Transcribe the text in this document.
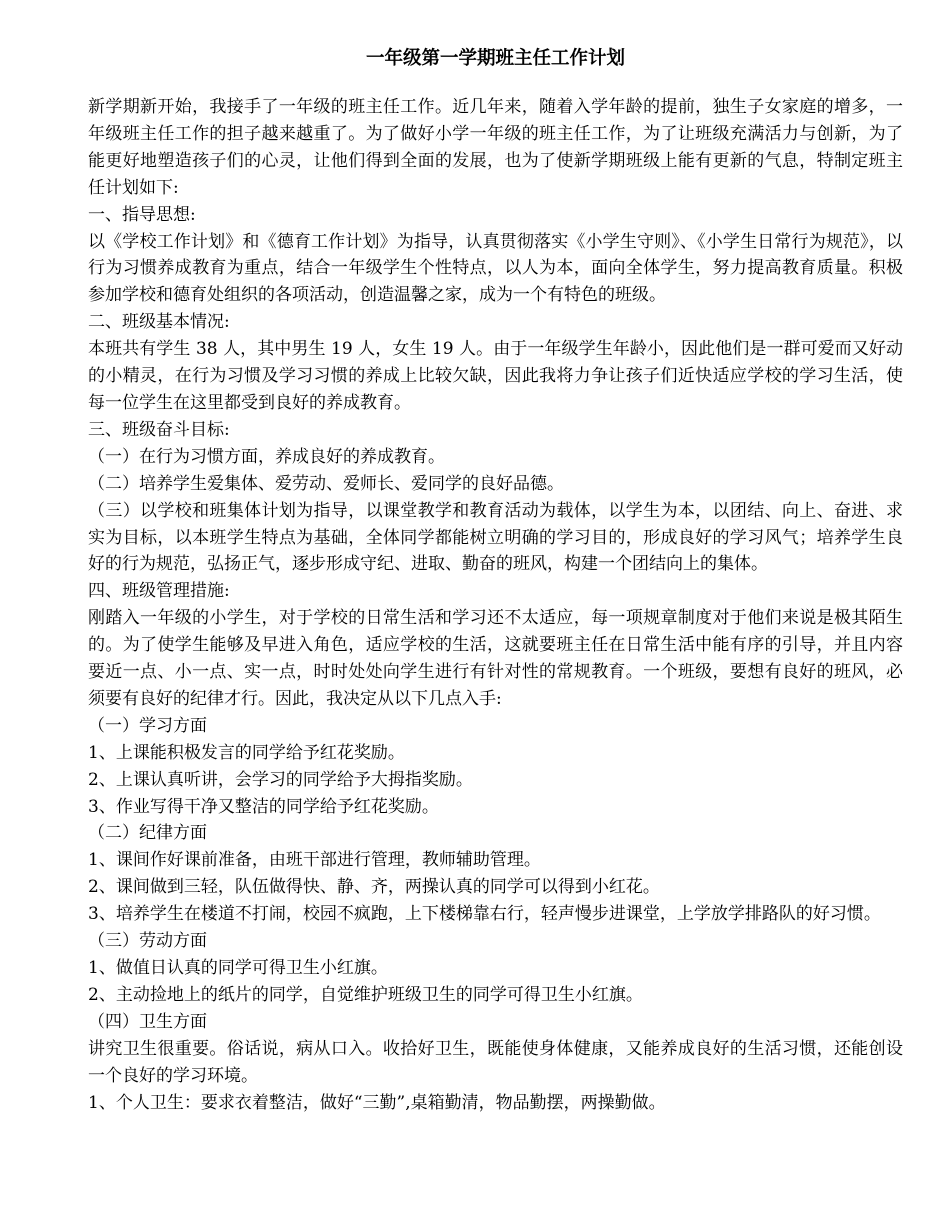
一年级第一学期班主任工作计划

新学期新开始，我接手了一年级的班主任工作。近几年来，随着入学年龄的提前，独生子女家庭的增多，一年级班主任工作的担子越来越重了。为了做好小学一年级的班主任工作，为了让班级充满活力与创新，为了能更好地塑造孩子们的心灵，让他们得到全面的发展，也为了使新学期班级上能有更新的气息，特制定班主任计划如下:

一、指导思想:

以《学校工作计划》和《德育工作计划》为指导，认真贯彻落实《小学生守则》、《小学生日常行为规范》，以行为习惯养成教育为重点，结合一年级学生个性特点，以人为本，面向全体学生，努力提高教育质量。积极参加学校和德育处组织的各项活动，创造温馨之家，成为一个有特色的班级。

二、班级基本情况:

本班共有学生 38 人，其中男生 19 人，女生 19 人。由于一年级学生年龄小，因此他们是一群可爱而又好动的小精灵，在行为习惯及学习习惯的养成上比较欠缺，因此我将力争让孩子们近快适应学校的学习生活，使每一位学生在这里都受到良好的养成教育。

三、班级奋斗目标:

（一）在行为习惯方面，养成良好的养成教育。

（二）培养学生爱集体、爱劳动、爱师长、爱同学的良好品德。

（三）以学校和班集体计划为指导，以课堂教学和教育活动为载体，以学生为本，以团结、向上、奋进、求实为目标，以本班学生特点为基础，全体同学都能树立明确的学习目的，形成良好的学习风气；培养学生良好的行为规范，弘扬正气，逐步形成守纪、进取、勤奋的班风，构建一个团结向上的集体。

四、班级管理措施:

刚踏入一年级的小学生，对于学校的日常生活和学习还不太适应，每一项规章制度对于他们来说是极其陌生的。为了使学生能够及早进入角色，适应学校的生活，这就要班主任在日常生活中能有序的引导，并且内容要近一点、小一点、实一点，时时处处向学生进行有针对性的常规教育。一个班级，要想有良好的班风，必须要有良好的纪律才行。因此，我决定从以下几点入手:

（一）学习方面

1、上课能积极发言的同学给予红花奖励。

2、上课认真听讲，会学习的同学给予大拇指奖励。

3、作业写得干净又整洁的同学给予红花奖励。

（二）纪律方面

1、课间作好课前准备，由班干部进行管理，教师辅助管理。

2、课间做到三轻，队伍做得快、静、齐，两操认真的同学可以得到小红花。

3、培养学生在楼道不打闹，校园不疯跑，上下楼梯靠右行，轻声慢步进课堂，上学放学排路队的好习惯。

（三）劳动方面

1、做值日认真的同学可得卫生小红旗。

2、主动捡地上的纸片的同学，自觉维护班级卫生的同学可得卫生小红旗。

（四）卫生方面

讲究卫生很重要。俗话说，病从口入。收拾好卫生，既能使身体健康，又能养成良好的生活习惯，还能创设一个良好的学习环境。

1、个人卫生：要求衣着整洁，做好“三勤”,桌箱勤清，物品勤摆，两操勤做。
